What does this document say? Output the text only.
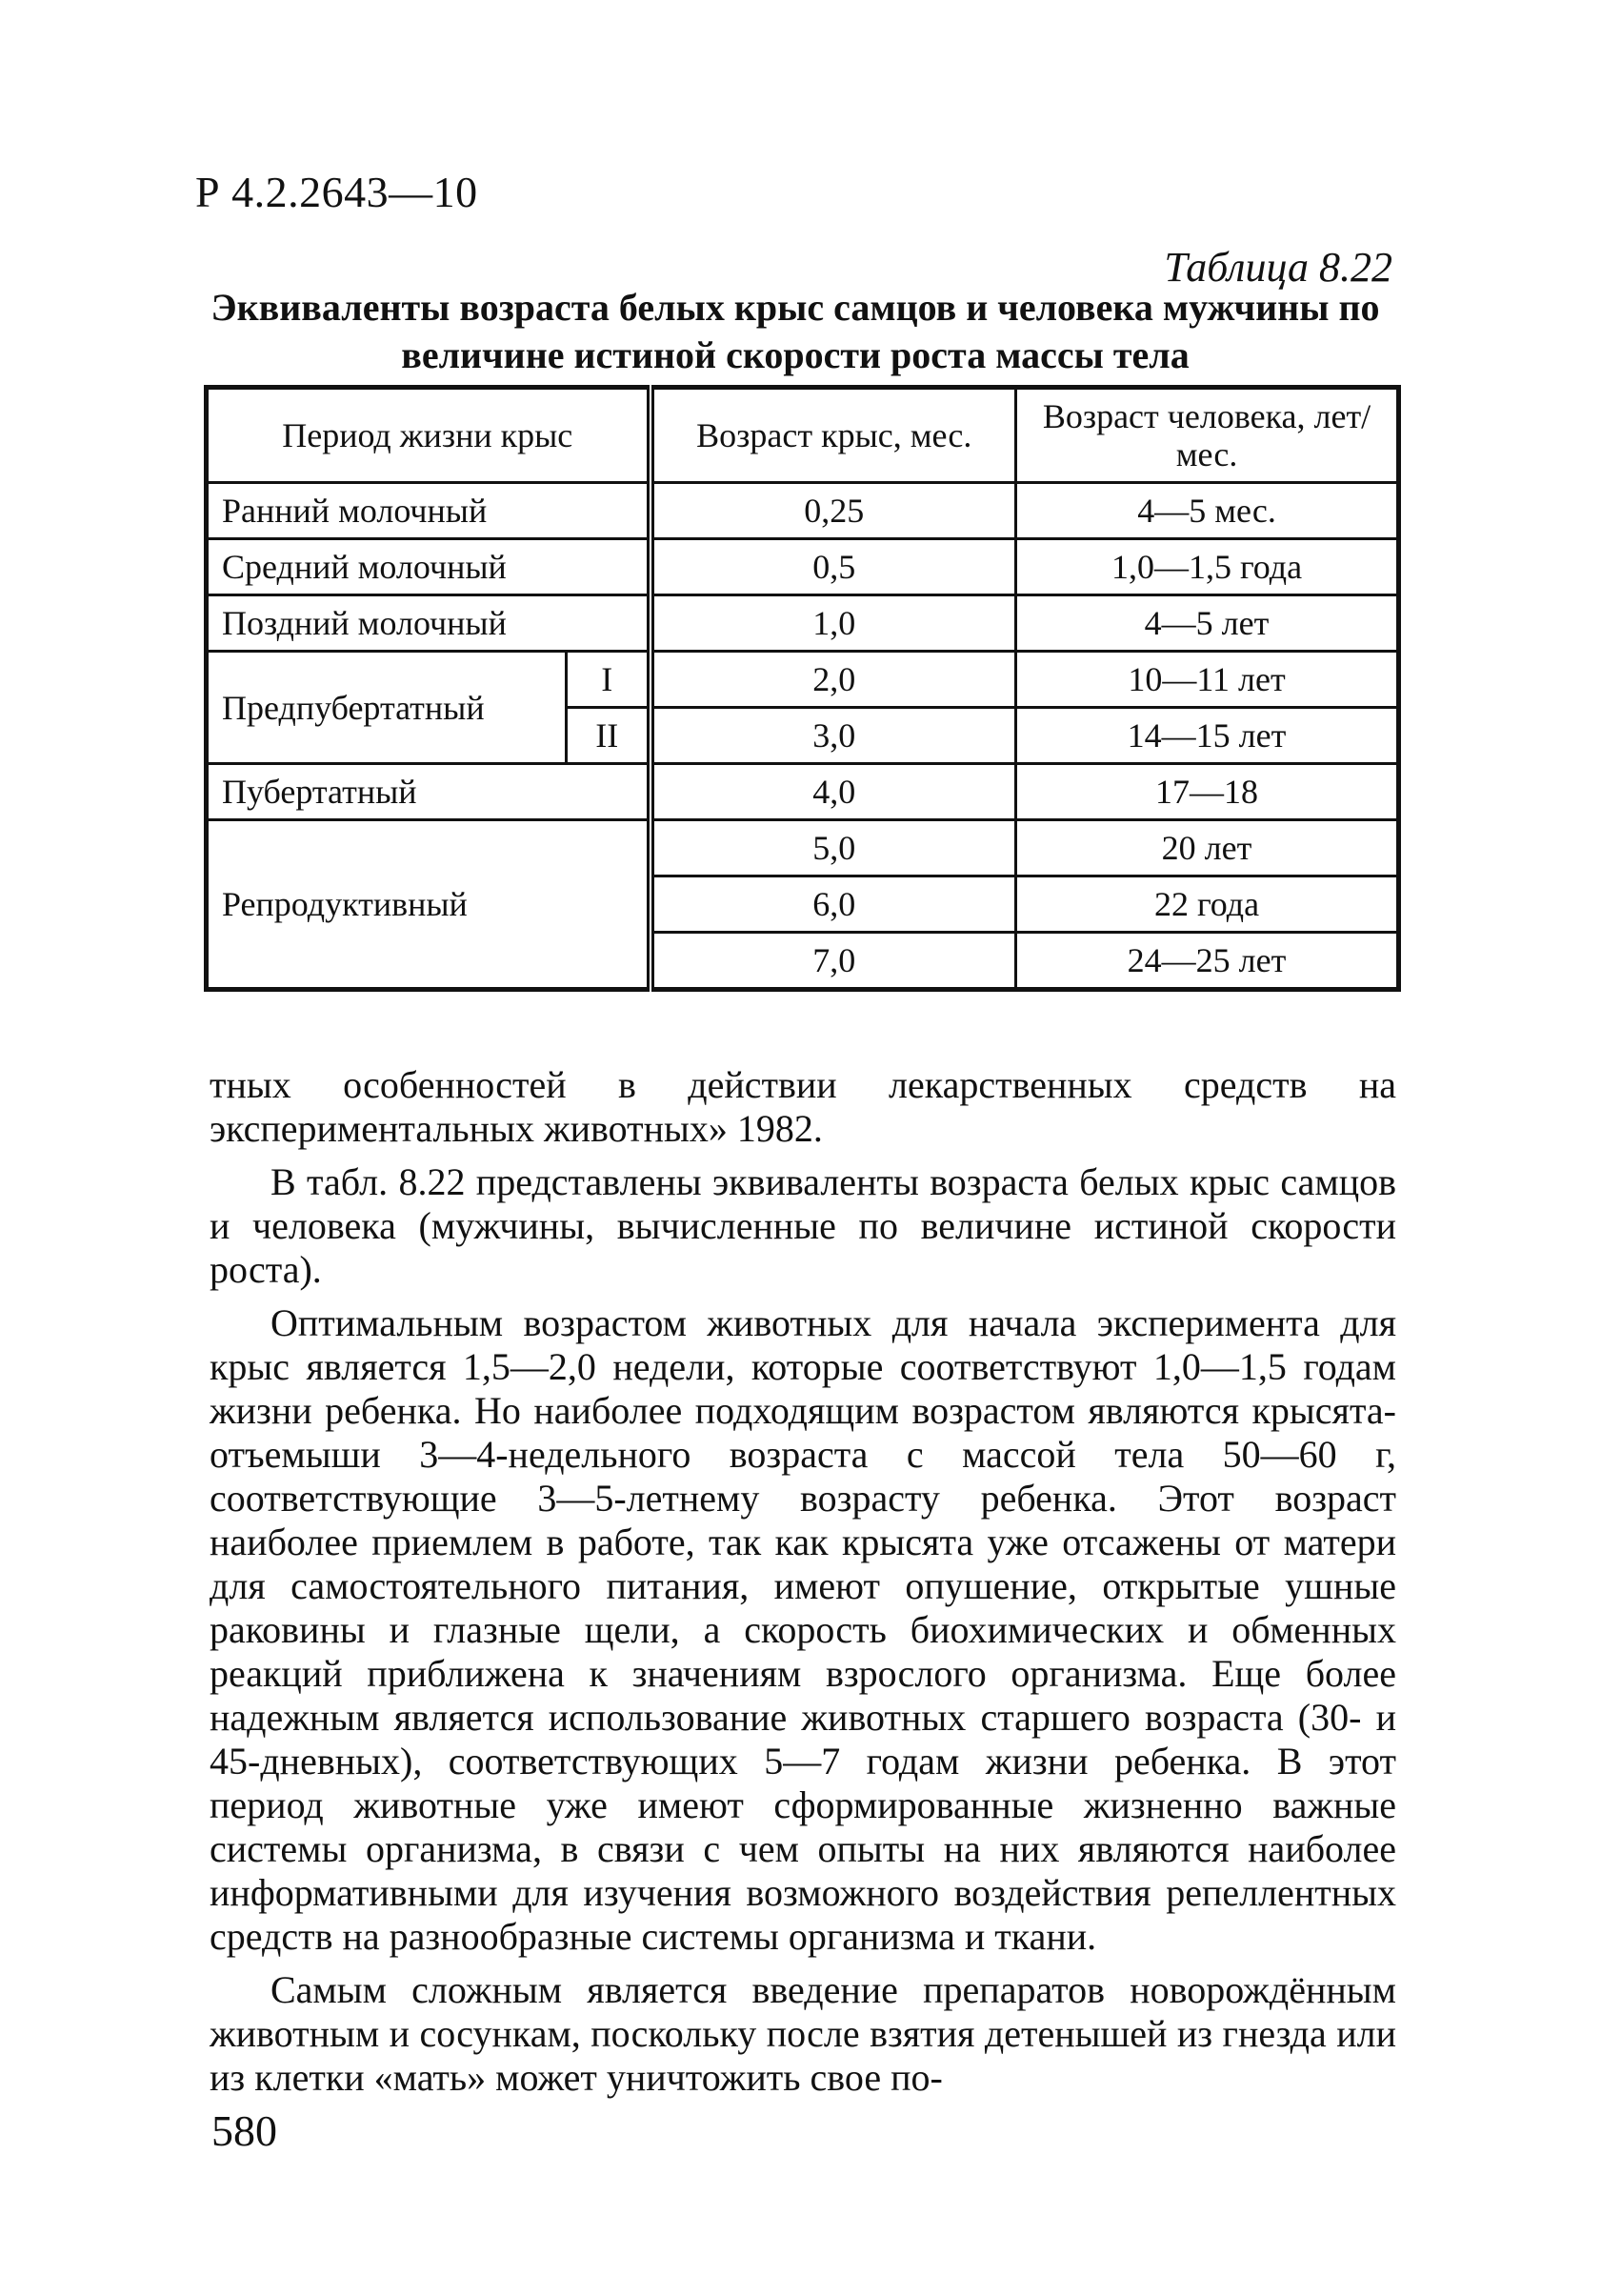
Р 4.2.2643—10
Таблица 8.22
Эквиваленты возраста белых крыс самцов и человека мужчины по величине истиной скорости роста массы тела
Период жизни крыс		Возраст крыс, мес.	Возраст человека, лет/мес.
Ранний молочный		0,25	4—5 мес.
Средний молочный		0,5	1,0—1,5 года
Поздний молочный		1,0	4—5 лет
Предпубертатный	I	2,0	10—11 лет
	II	3,0	14—15 лет
Пубертатный		4,0	17—18
Репродуктивный		5,0	20 лет
		6,0	22 года
		7,0	24—25 лет

тных особенностей в действии лекарственных средств на экспериментальных животных» 1982.

В табл. 8.22 представлены эквиваленты возраста белых крыс самцов и человека (мужчины, вычисленные по величине истиной скорости роста).

Оптимальным возрастом животных для начала эксперимента для крыс является 1,5—2,0 недели, которые соответствуют 1,0—1,5 годам жизни ребенка. Но наиболее подходящим возрастом являются крысята-отъемыши 3—4-недельного возраста с массой тела 50—60 г, соответствующие 3—5-летнему возрасту ребенка. Этот возраст наиболее приемлем в работе, так как крысята уже отсажены от матери для самостоятельного питания, имеют опушение, открытые ушные раковины и глазные щели, а скорость биохимических и обменных реакций приближена к значениям взрослого организма. Еще более надежным является использование животных старшего возраста (30- и 45-дневных), соответствующих 5—7 годам жизни ребенка. В этот период животные уже имеют сформированные жизненно важные системы организма, в связи с чем опыты на них являются наиболее информативными для изучения возможного воздействия репеллентных средств на разнообразные системы организма и ткани.

Самым сложным является введение препаратов новорождённым животным и сосункам, поскольку после взятия детенышей из гнезда или из клетки «мать» может уничтожить свое по-

580
